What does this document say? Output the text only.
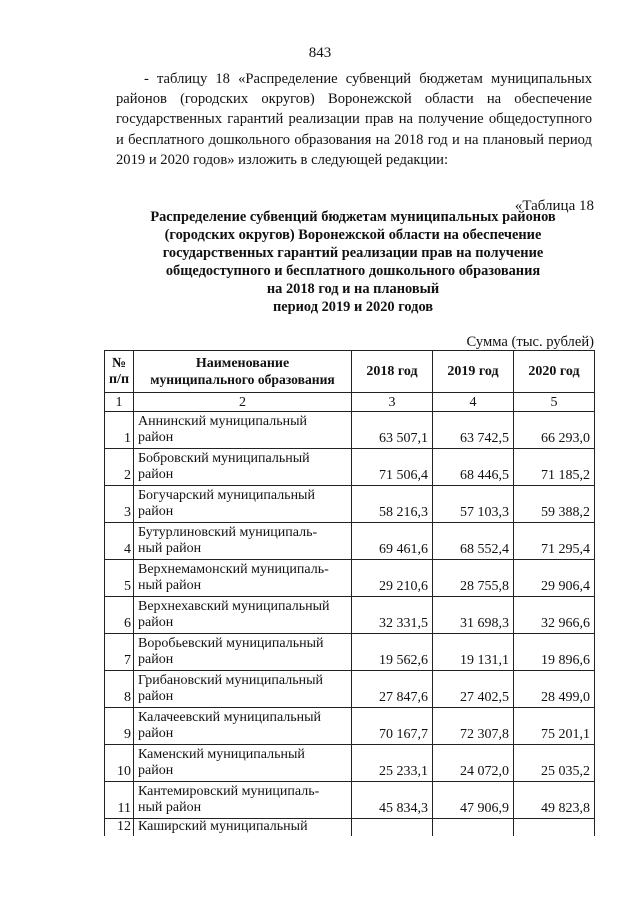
843
- таблицу 18 «Распределение субвенций бюджетам муниципальных районов (городских округов) Воронежской области на обеспечение государственных гарантий реализации прав на получение общедоступного и бесплатного дошкольного образования на 2018 год и на плановый период 2019 и 2020 годов» изложить в следующей редакции:
«Таблица 18
Распределение субвенций бюджетам муниципальных районов
(городских округов) Воронежской области на обеспечение
государственных гарантий реализации прав на получение
общедоступного и бесплатного дошкольного образования
на 2018 год и на плановый
период 2019 и 2020 годов
Сумма (тыс. рублей)
№ п/п	Наименование
муниципального образования	2018 год	2019 год	2020 год
1	2	3	4	5
1	Аннинский муниципальный
район	63 507,1	63 742,5	66 293,0
2	Бобровский муниципальный
район	71 506,4	68 446,5	71 185,2
3	Богучарский муниципальный
район	58 216,3	57 103,3	59 388,2
4	Бутурлиновский муниципаль-
ный район	69 461,6	68 552,4	71 295,4
5	Верхнемамонский муниципаль-
ный район	29 210,6	28 755,8	29 906,4
6	Верхнехавский муниципальный
район	32 331,5	31 698,3	32 966,6
7	Воробьевский муниципальный
район	19 562,6	19 131,1	19 896,6
8	Грибановский муниципальный
район	27 847,6	27 402,5	28 499,0
9	Калачеевский муниципальный
район	70 167,7	72 307,8	75 201,1
10	Каменский муниципальный
район	25 233,1	24 072,0	25 035,2
11	Кантемировский муниципаль-
ный район	45 834,3	47 906,9	49 823,8
12	Каширский муниципальный			
